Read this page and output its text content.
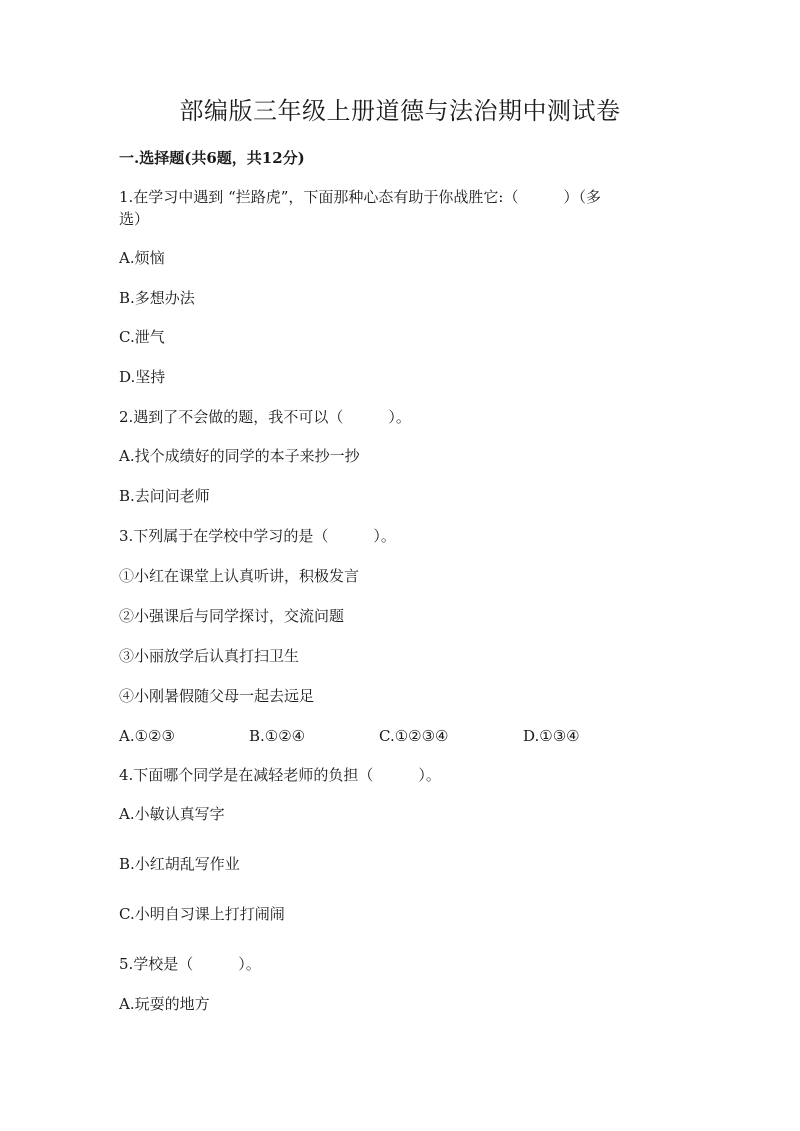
部编版三年级上册道德与法治期中测试卷
一.选择题(共6题，共12分)
1.在学习中遇到 “拦路虎”，下面那种心态有助于你战胜它:（　　　）（多
选）
A.烦恼
B.多想办法
C.泄气
D.坚持
2.遇到了不会做的题，我不可以（　　　）。
A.找个成绩好的同学的本子来抄一抄
B.去问问老师
3.下列属于在学校中学习的是（　　　）。
①小红在课堂上认真听讲，积极发言
②小强课后与同学探讨，交流问题
③小丽放学后认真打扫卫生
④小刚暑假随父母一起去远足
A.①②③	B.①②④	C.①②③④	D.①③④
4.下面哪个同学是在减轻老师的负担（　　　）。
A.小敏认真写字
B.小红胡乱写作业
C.小明自习课上打打闹闹
5.学校是（　　　）。
A.玩耍的地方
